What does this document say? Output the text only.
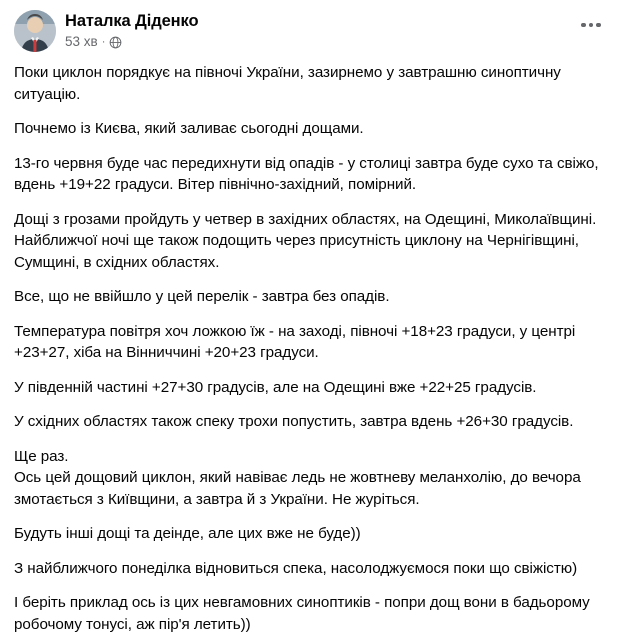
Наталка Діденко
53 хв ·

Поки циклон порядкує на півночі України, зазирнемо у завтрашню синоптичну ситуацію.

Почнемо із Києва, який заливає сьогодні дощами.

13-го червня буде час передихнути від опадів - у столиці завтра буде сухо та свіжо, вдень +19+22 градуси. Вітер північно-західний, помірний.

Дощі з грозами пройдуть у четвер в західних областях, на Одещині, Миколаївщині.

Найближчої ночі ще також подощить через присутність циклону на Чернігівщині, Сумщині, в східних областях.

Все, що не ввійшло у цей перелік - завтра без опадів.

Температура повітря хоч ложкою їж - на заході, півночі +18+23 градуси, у центрі +23+27, хіба на Вінниччині +20+23 градуси.

У південній частині +27+30 градусів, але на Одещині вже +22+25 градусів.

У східних областях також спеку трохи попустить, завтра вдень +26+30 градусів.

Ще раз.

Ось цей дощовий циклон, який навіває ледь не жовтневу меланхолію, до вечора змотається з Київщини, а завтра й з України. Не журіться.

Будуть інші дощі та деінде, але цих вже не буде))

З найближчого понеділка відновиться спека, насолоджуємося поки що свіжістю)

І беріть приклад ось із цих невгамовних синоптиків - попри дощ вони в бадьорому робочому тонусі, аж пір'я летить))
